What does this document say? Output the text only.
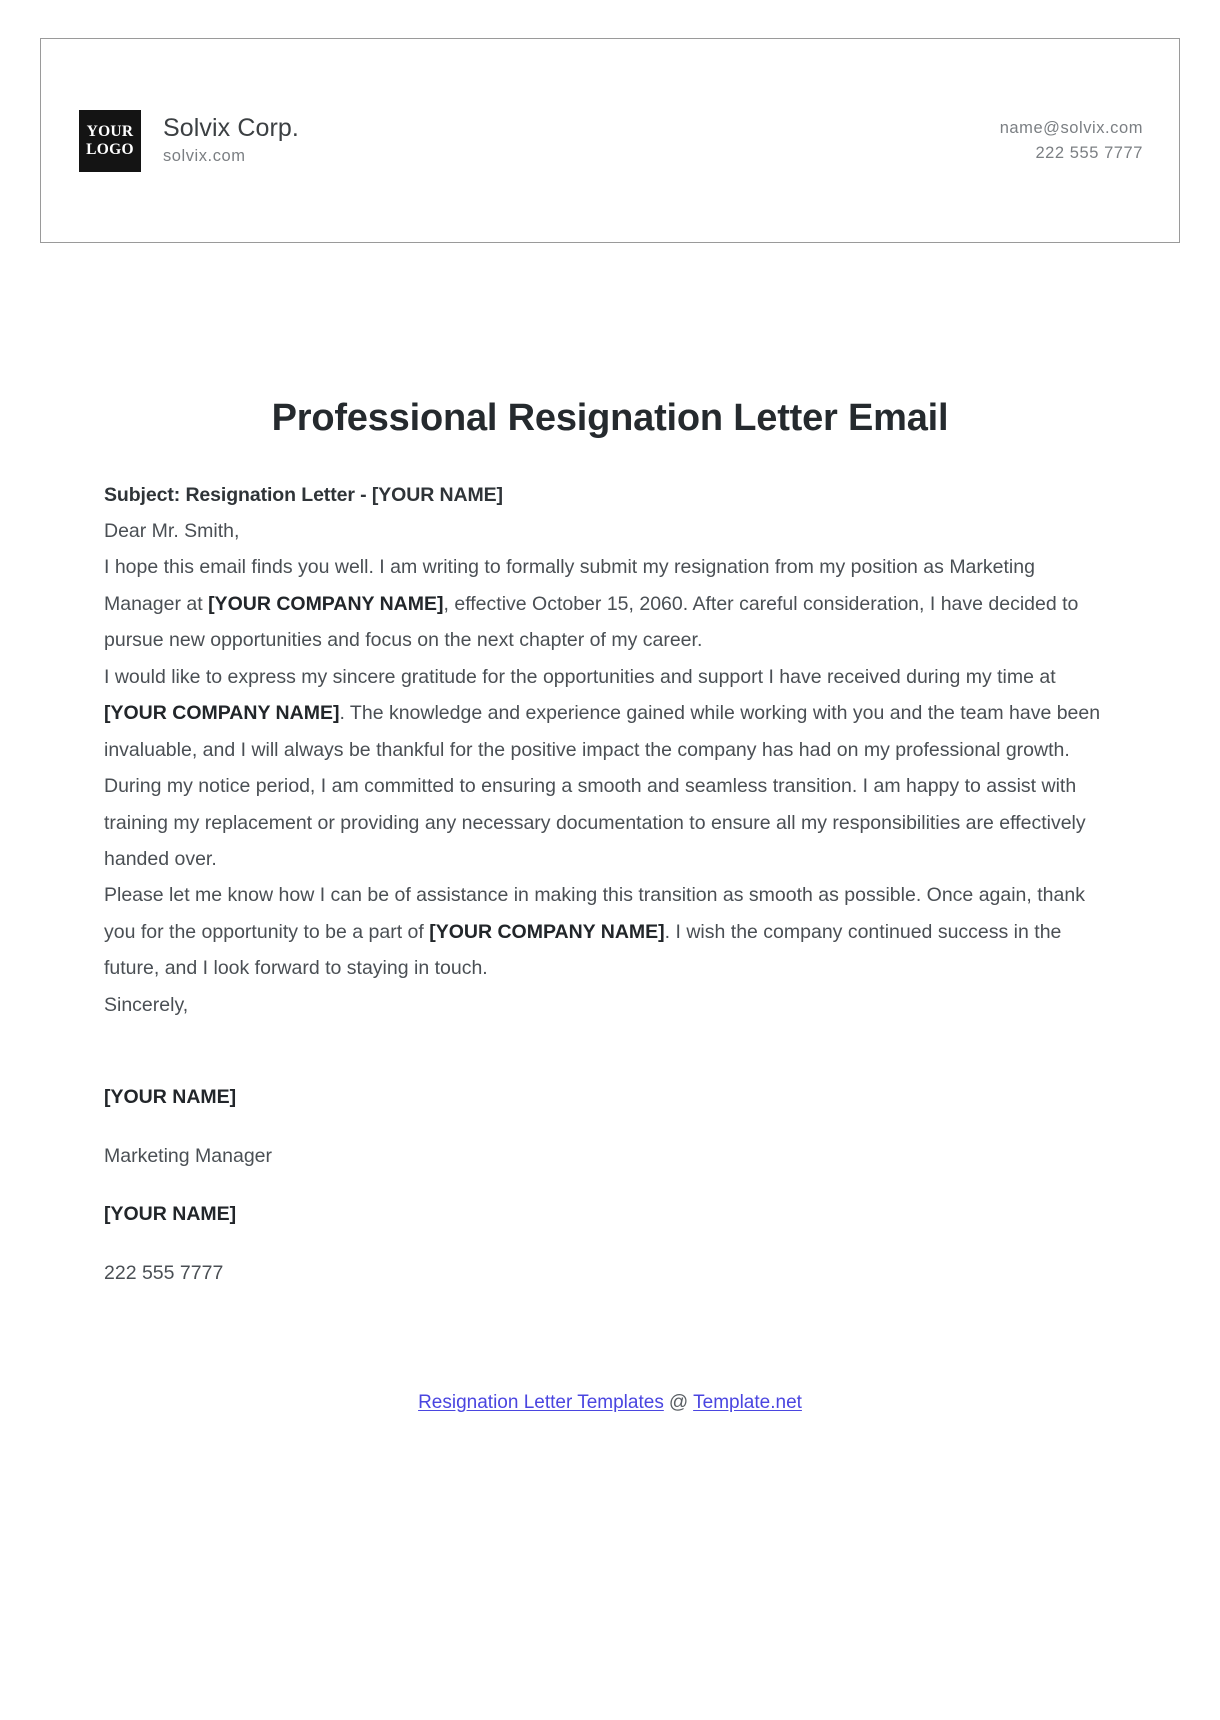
YOUR
LOGO
Solvix Corp.
solvix.com
name@solvix.com
222 555 7777
Professional Resignation Letter Email

Subject: Resignation Letter - [YOUR NAME]

Dear Mr. Smith,

I hope this email finds you well. I am writing to formally submit my resignation from my position as Marketing Manager at [YOUR COMPANY NAME], effective October 15, 2060. After careful consideration, I have decided to pursue new opportunities and focus on the next chapter of my career.

I would like to express my sincere gratitude for the opportunities and support I have received during my time at [YOUR COMPANY NAME]. The knowledge and experience gained while working with you and the team have been invaluable, and I will always be thankful for the positive impact the company has had on my professional growth.

During my notice period, I am committed to ensuring a smooth and seamless transition. I am happy to assist with training my replacement or providing any necessary documentation to ensure all my responsibilities are effectively handed over.

Please let me know how I can be of assistance in making this transition as smooth as possible. Once again, thank you for the opportunity to be a part of [YOUR COMPANY NAME]. I wish the company continued success in the future, and I look forward to staying in touch.

Sincerely,

[YOUR NAME]
Marketing Manager
[YOUR NAME]
222 555 7777
Resignation Letter Templates @ Template.net
